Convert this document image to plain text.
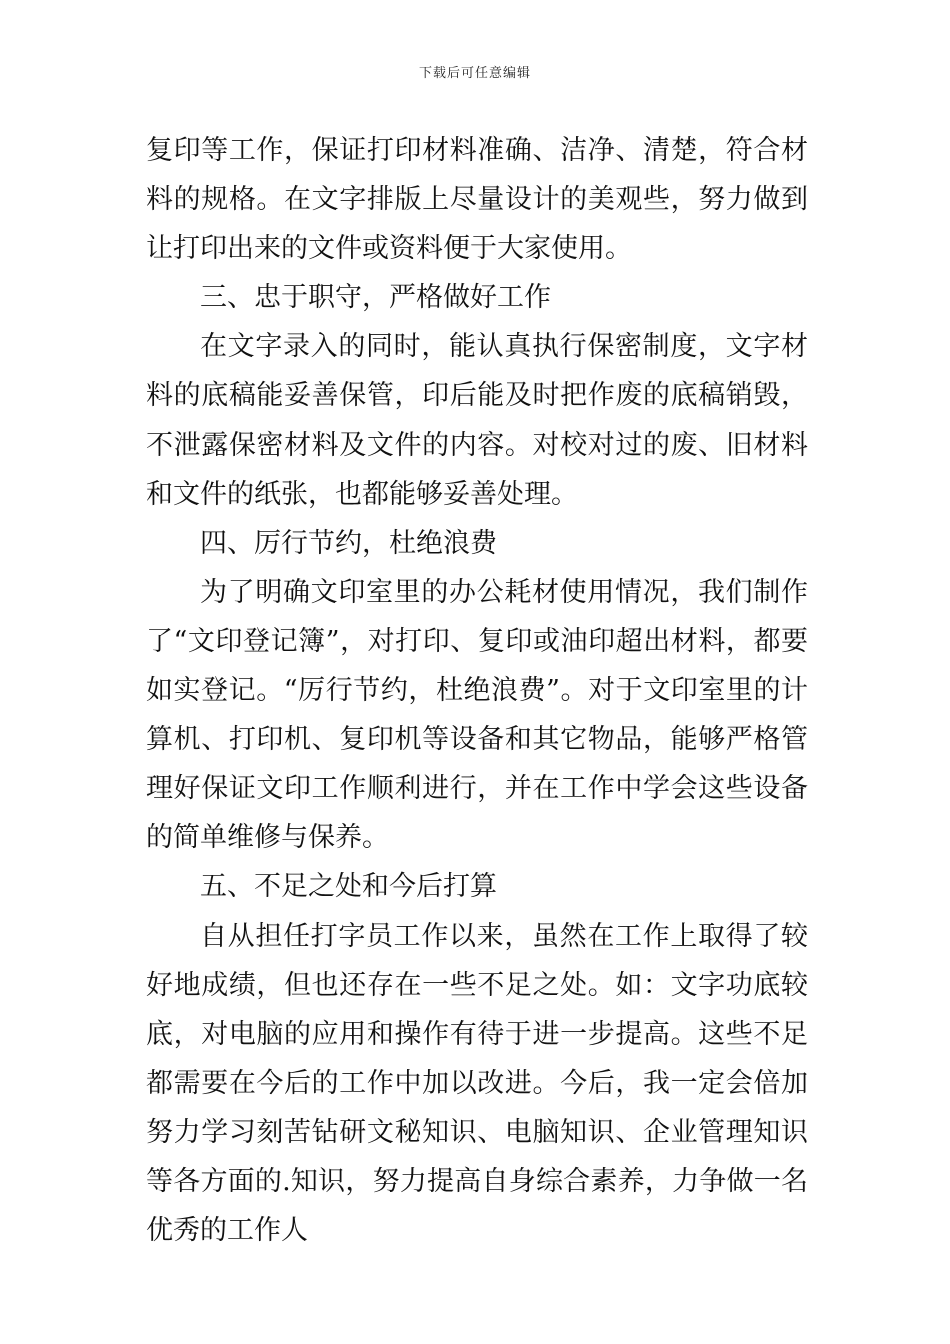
下载后可任意编辑

复印等工作，保证打印材料准确、洁净、清楚，符合材料的规格。在文字排版上尽量设计的美观些，努力做到让打印出来的文件或资料便于大家使用。

三、忠于职守，严格做好工作

在文字录入的同时，能认真执行保密制度，文字材料的底稿能妥善保管，印后能及时把作废的底稿销毁，不泄露保密材料及文件的内容。对校对过的废、旧材料和文件的纸张，也都能够妥善处理。

四、厉行节约，杜绝浪费

为了明确文印室里的办公耗材使用情况，我们制作了“文印登记簿”，对打印、复印或油印超出材料，都要如实登记。“厉行节约，杜绝浪费”。对于文印室里的计算机、打印机、复印机等设备和其它物品，能够严格管理好保证文印工作顺利进行，并在工作中学会这些设备的简单维修与保养。

五、不足之处和今后打算

自从担任打字员工作以来，虽然在工作上取得了较好地成绩，但也还存在一些不足之处。如：文字功底较底，对电脑的应用和操作有待于进一步提高。这些不足都需要在今后的工作中加以改进。今后，我一定会倍加努力学习刻苦钻研文秘知识、电脑知识、企业管理知识等各方面的.知识，努力提高自身综合素养，力争做一名优秀的工作人
